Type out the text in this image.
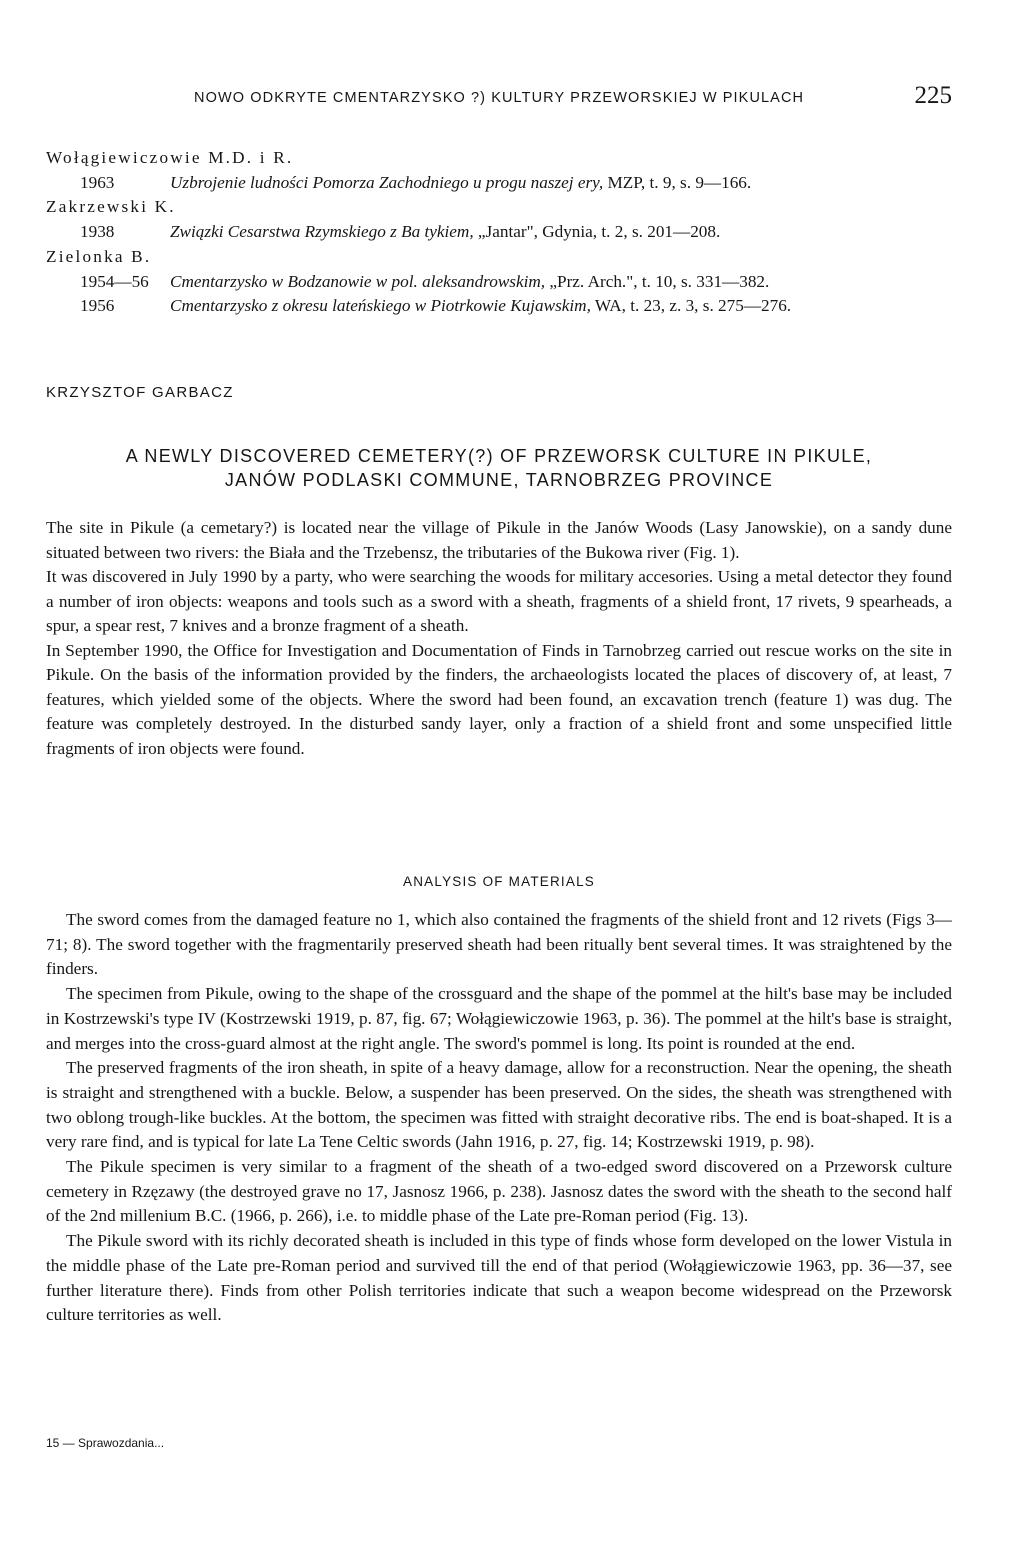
NOWO ODKRYTE CMENTARZYSKO ?) KULTURY PRZEWORSKIEJ W PIKULACH	225
Wołągiewiczowie M.D. i R.
1963	Uzbrojenie ludności Pomorza Zachodniego u progu naszej ery, MZP, t. 9, s. 9—166.
Zakrzewski K.
1938	Związki Cesarstwa Rzymskiego z Ba tykiem, „Jantar", Gdynia, t. 2, s. 201—208.
Zielonka B.
1954—56	Cmentarzysko w Bodzanowie w pol. aleksandrowskim, „Prz. Arch.", t. 10, s. 331—382.
1956	Cmentarzysko z okresu lateńskiego w Piotrkowie Kujawskim, WA, t. 23, z. 3, s. 275—276.
KRZYSZTOF GARBACZ
A NEWLY DISCOVERED CEMETERY(?) OF PRZEWORSK CULTURE IN PIKULE,
JANÓW PODLASKI COMMUNE, TARNOBRZEG PROVINCE

The site in Pikule (a cemetary?) is located near the village of Pikule in the Janów Woods (Lasy Janowskie), on a sandy dune situated between two rivers: the Biała and the Trzebensz, the tributaries of the Bukowa river (Fig. 1).

It was discovered in July 1990 by a party, who were searching the woods for military accesories. Using a metal detector they found a number of iron objects: weapons and tools such as a sword with a sheath, fragments of a shield front, 17 rivets, 9 spearheads, a spur, a spear rest, 7 knives and a bronze fragment of a sheath.

In September 1990, the Office for Investigation and Documentation of Finds in Tarnobrzeg carried out rescue works on the site in Pikule. On the basis of the information provided by the finders, the archaeologists located the places of discovery of, at least, 7 features, which yielded some of the objects. Where the sword had been found, an excavation trench (feature 1) was dug. The feature was completely destroyed. In the disturbed sandy layer, only a fraction of a shield front and some unspecified little fragments of iron objects were found.

ANALYSIS OF MATERIALS

The sword comes from the damaged feature no 1, which also contained the fragments of the shield front and 12 rivets (Figs 3—71; 8). The sword together with the fragmentarily preserved sheath had been ritually bent several times. It was straightened by the finders.

The specimen from Pikule, owing to the shape of the crossguard and the shape of the pommel at the hilt's base may be included in Kostrzewski's type IV (Kostrzewski 1919, p. 87, fig. 67; Wołągiewiczowie 1963, p. 36). The pommel at the hilt's base is straight, and merges into the cross-guard almost at the right angle. The sword's pommel is long. Its point is rounded at the end.

The preserved fragments of the iron sheath, in spite of a heavy damage, allow for a reconstruction. Near the opening, the sheath is straight and strengthened with a buckle. Below, a suspender has been preserved. On the sides, the sheath was strengthened with two oblong trough-like buckles. At the bottom, the specimen was fitted with straight decorative ribs. The end is boat-shaped. It is a very rare find, and is typical for late La Tene Celtic swords (Jahn 1916, p. 27, fig. 14; Kostrzewski 1919, p. 98).

The Pikule specimen is very similar to a fragment of the sheath of a two-edged sword discovered on a Przeworsk culture cemetery in Rzęzawy (the destroyed grave no 17, Jasnosz 1966, p. 238). Jasnosz dates the sword with the sheath to the second half of the 2nd millenium B.C. (1966, p. 266), i.e. to middle phase of the Late pre-Roman period (Fig. 13).

The Pikule sword with its richly decorated sheath is included in this type of finds whose form developed on the lower Vistula in the middle phase of the Late pre-Roman period and survived till the end of that period (Wołągiewiczowie 1963, pp. 36—37, see further literature there). Finds from other Polish territories indicate that such a weapon become widespread on the Przeworsk culture territories as well.

15 — Sprawozdania...
